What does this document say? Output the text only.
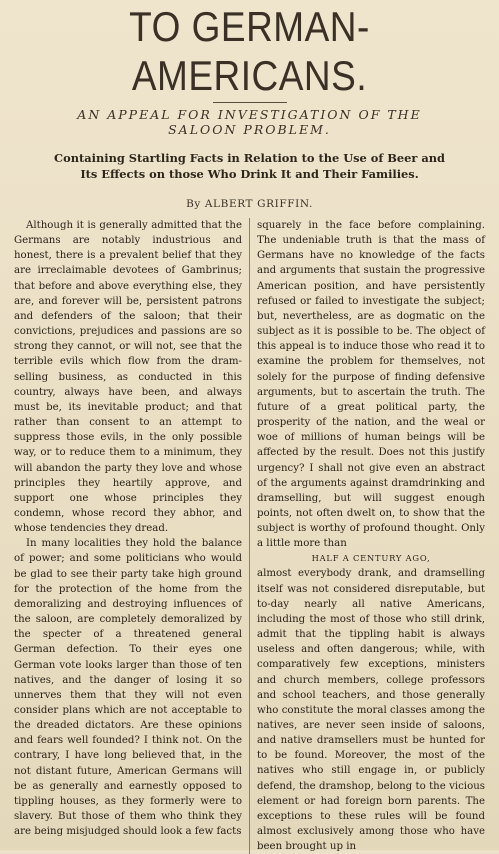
TO GERMAN-AMERICANS.
AN APPEAL FOR INVESTIGATION OF THE
SALOON PROBLEM.
Containing Startling Facts in Relation to the Use of Beer and
Its Effects on those Who Drink It and Their Families.
By ALBERT GRIFFIN.

Although it is generally admitted that the Germans are notably industrious and honest, there is a prevalent belief that they are irreclaimable devotees of Gambrinus; that before and above everything else, they are, and forever will be, persistent patrons and defenders of the saloon; that their convictions, prejudices and passions are so strong they cannot, or will not, see that the terrible evils which flow from the dram-selling business, as conducted in this country, always have been, and always must be, its inevitable product; and that rather than consent to an attempt to suppress those evils, in the only possible way, or to reduce them to a minimum, they will abandon the party they love and whose principles they heartily approve, and support one whose principles they condemn, whose record they abhor, and whose tendencies they dread.

In many localities they hold the balance of power; and some politicians who would be glad to see their party take high ground for the protection of the home from the demoralizing and destroying influences of the saloon, are completely demoralized by the specter of a threatened general German defection. To their eyes one German vote looks larger than those of ten natives, and the danger of losing it so unnerves them that they will not even consider plans which are not acceptable to the dreaded dictators. Are these opinions and fears well founded? I think not. On the contrary, I have long believed that, in the not distant future, American Germans will be as generally and earnestly opposed to tippling houses, as they formerly were to slavery. But those of them who think they are being misjudged should look a few facts

squarely in the face before complaining. The undeniable truth is that the mass of Germans have no knowledge of the facts and arguments that sustain the progressive American position, and have persistently refused or failed to investigate the subject; but, nevertheless, are as dogmatic on the subject as it is possible to be. The object of this appeal is to induce those who read it to examine the problem for themselves, not solely for the purpose of finding defensive arguments, but to ascertain the truth. The future of a great political party, the prosperity of the nation, and the weal or woe of millions of human beings will be affected by the result. Does not this justify urgency? I shall not give even an abstract of the arguments against dramdrinking and dramselling, but will suggest enough points, not often dwelt on, to show that the subject is worthy of profound thought. Only a little more than

HALF A CENTURY AGO,

almost everybody drank, and dramselling itself was not considered disreputable, but to-day nearly all native Americans, including the most of those who still drink, admit that the tippling habit is always useless and often dangerous; while, with comparatively few exceptions, ministers and church members, college professors and school teachers, and those generally who constitute the moral classes among the natives, are never seen inside of saloons, and native dramsellers must be hunted for to be found. Moreover, the most of the natives who still engage in, or publicly defend, the dramshop, belong to the vicious element or had foreign born parents. The exceptions to these rules will be found almost exclusively among those who have been brought up in
